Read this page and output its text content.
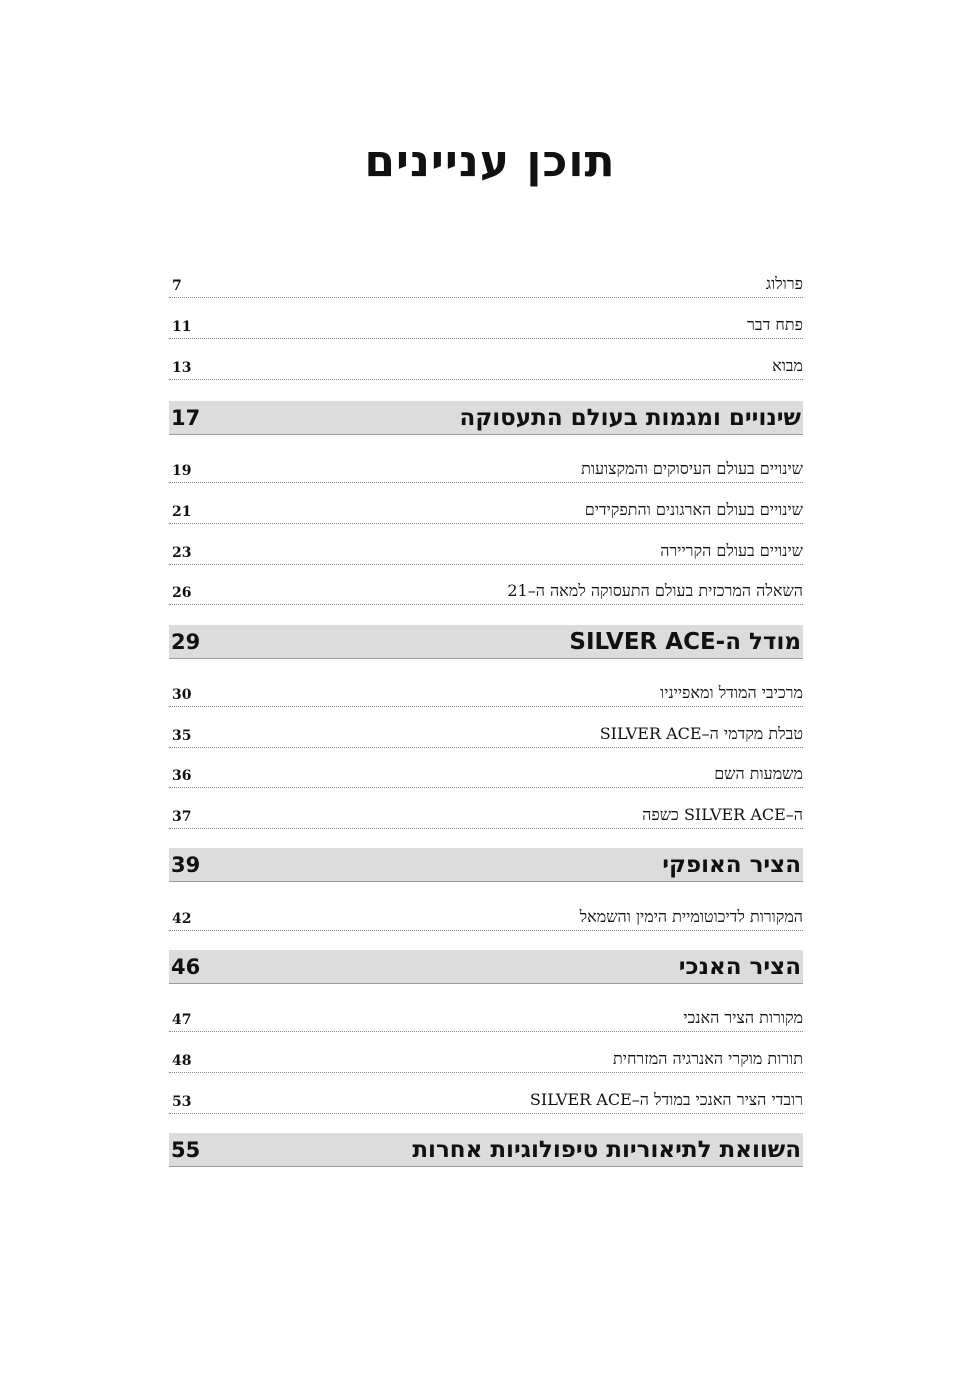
תוכן עניינים
פרולוג
7
פתח דבר
11
מבוא
13
שינויים ומגמות בעולם התעסוקה
17
שינויים בעולם העיסוקים והמקצועות
19
שינויים בעולם הארגונים והתפקידים
21
שינויים בעולם הקריירה
23
השאלה המרכזית בעולם התעסוקה למאה ה–21
26
מודל ה-SILVER ACE
29
מרכיבי המודל ומאפייניו
30
טבלת מקדמי ה–SILVER ACE
35
משמעות השם
36
ה–SILVER ACE כשפה
37
הציר האופקי
39
המקורות לדיכוטומיית הימין והשמאל
42
הציר האנכי
46
מקורות הציר האנכי
47
תורות מוקרי האנרגיה המזרחית
48
רובדי הציר האנכי במודל ה–SILVER ACE
53
השוואת לתיאוריות טיפולוגיות אחרות
55
